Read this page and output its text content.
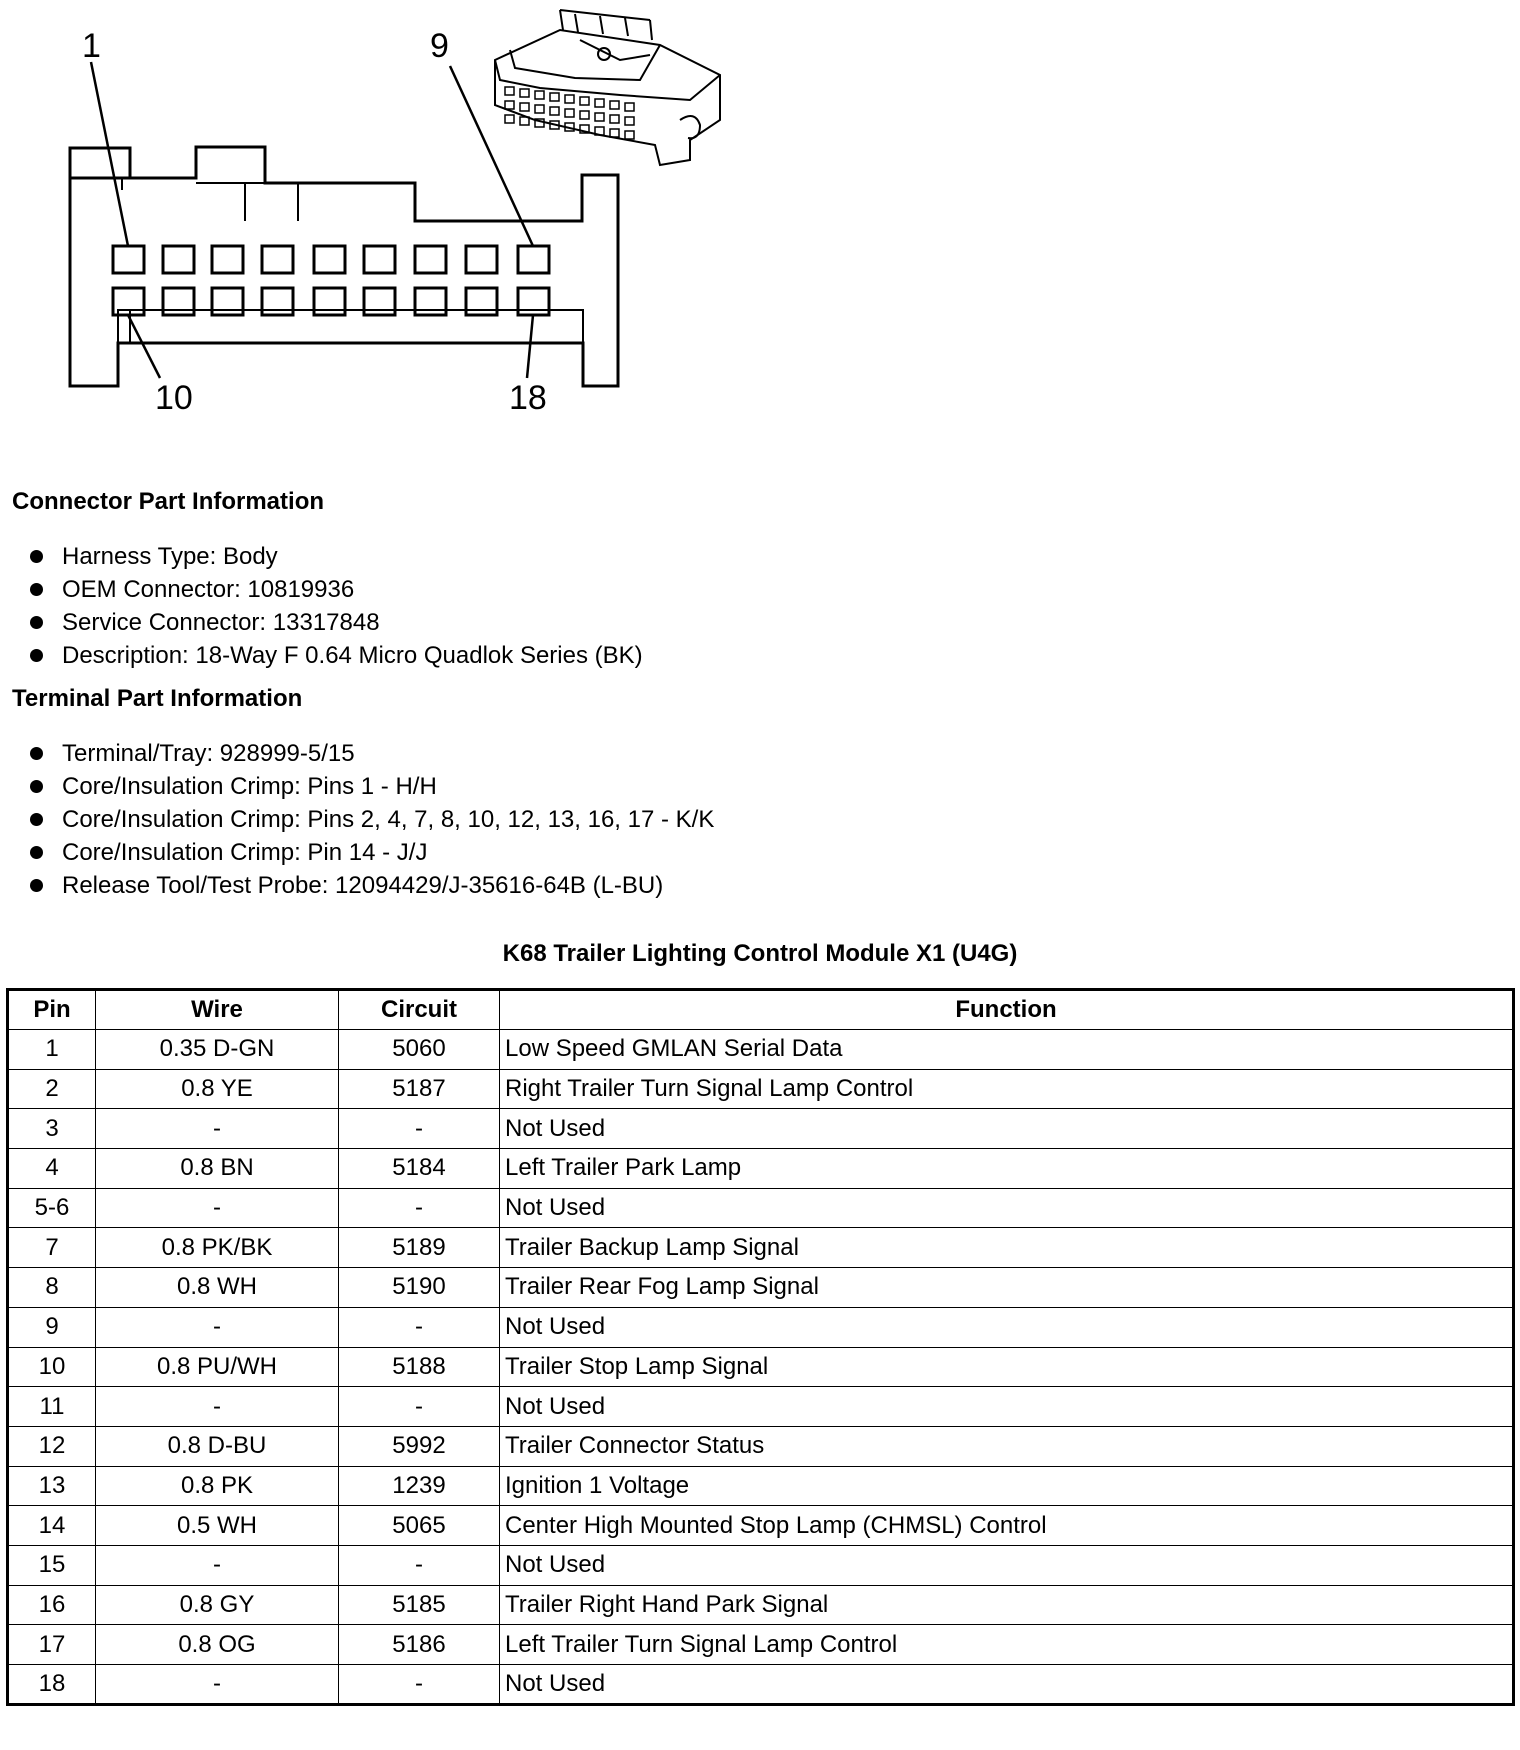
1	9
10	18
Connector Part Information
Harness Type: Body
OEM Connector: 10819936
Service Connector: 13317848
Description: 18-Way F 0.64 Micro Quadlok Series (BK)
Terminal Part Information
Terminal/Tray: 928999-5/15
Core/Insulation Crimp: Pins 1 - H/H
Core/Insulation Crimp: Pins 2, 4, 7, 8, 10, 12, 13, 16, 17 - K/K
Core/Insulation Crimp: Pin 14 - J/J
Release Tool/Test Probe: 12094429/J-35616-64B (L-BU)
K68 Trailer Lighting Control Module X1 (U4G)
Pin	Wire	Circuit	Function
1	0.35 D-GN	5060	Low Speed GMLAN Serial Data
2	0.8 YE	5187	Right Trailer Turn Signal Lamp Control
3	-	-	Not Used
4	0.8 BN	5184	Left Trailer Park Lamp
5-6	-	-	Not Used
7	0.8 PK/BK	5189	Trailer Backup Lamp Signal
8	0.8 WH	5190	Trailer Rear Fog Lamp Signal
9	-	-	Not Used
10	0.8 PU/WH	5188	Trailer Stop Lamp Signal
11	-	-	Not Used
12	0.8 D-BU	5992	Trailer Connector Status
13	0.8 PK	1239	Ignition 1 Voltage
14	0.5 WH	5065	Center High Mounted Stop Lamp (CHMSL) Control
15	-	-	Not Used
16	0.8 GY	5185	Trailer Right Hand Park Signal
17	0.8 OG	5186	Left Trailer Turn Signal Lamp Control
18	-	-	Not Used
